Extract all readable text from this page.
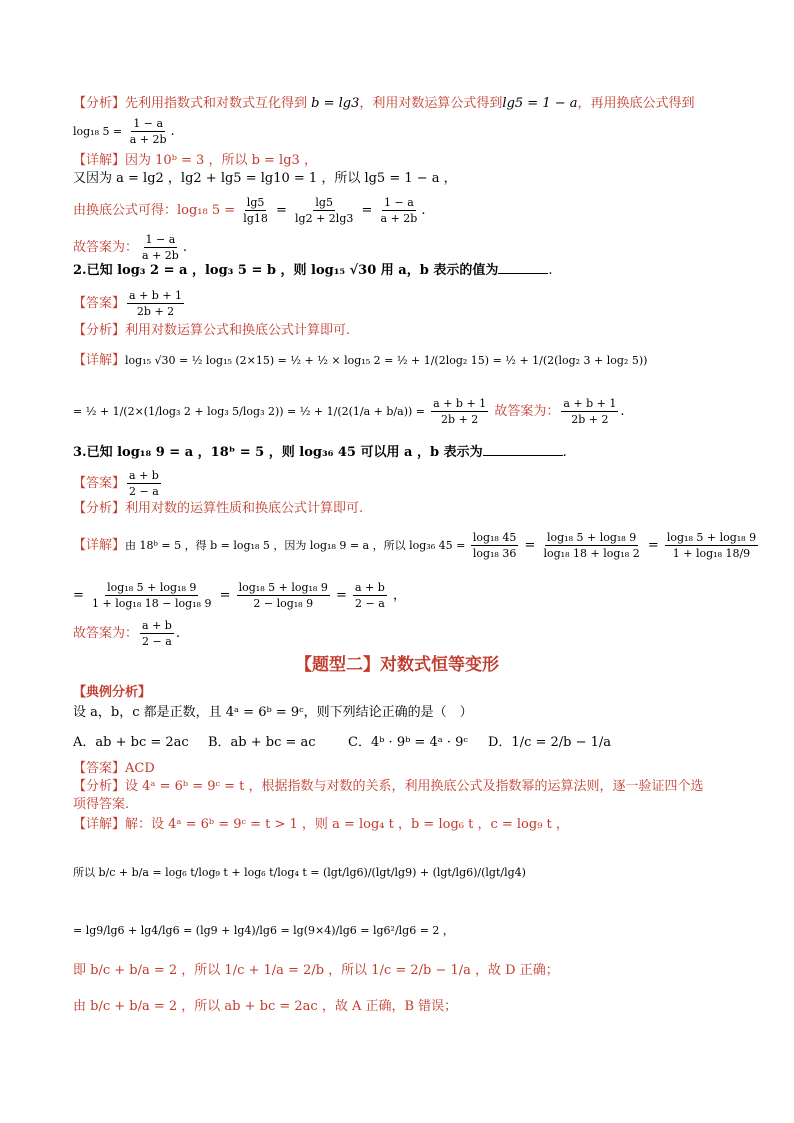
【分析】先利用指数式和对数式互化得到 b = lg3，利用对数运算公式得到lg5 = 1 − a，再用换底公式得到
log₁₈ $5 = \frac{1 - a}{a + 2b}$ .
【详解】因为 10ᵇ = 3 ，所以 b = lg3 ，
又因为 a = lg2 ，lg2 + lg5 = lg10 = 1 ，所以 lg5 = 1 − a ，
由换底公式可得：log₁₈ $5 = \frac{\lg 5}{\lg 18} = \frac{\lg 5}{\lg 2 + 2\lg 3} = \frac{1 - a}{a + 2b}$ .
故答案为： $\frac{1 - a}{a + 2b}$ .
2.已知 log₃ 2 = a ，log₃ 5 = b ，则 log₁₅ √30 用 a，b 表示的值为	.
【答案】 $\frac{a + b + 1}{2b + 2}$
【分析】利用对数运算公式和换底公式计算即可.
【详解】log₁₅ √30 = ½ log₁₅ (2×15) = ½ + ½ × log₁₅ 2 = ½ + 1/(2log₂ 15) = ½ + 1/(2(log₂ 3 + log₂ 5))
= ½ + 1/(2×(1/log₃ 2 + log₃ 5/log₃ 2)) = ½ + $1/(2(1/a + b/a)) = \frac{a + b + 1}{2b + 2}$ 故答案为： $\frac{a + b + 1}{2b + 2}$ .
3.已知 log₁₈ 9 = a ，18ᵇ = 5 ，则 log₃₆ 45 可以用 a ，b 表示为	.
【答案】 $\frac{a + b}{2 - a}$
【分析】利用对数的运算性质和换底公式计算即可.
【详解】由 18ᵇ = 5 ，得 b = log₁₈ 5 ，因为 log₁₈ 9 = a ，所以 log₃₆ $45 = \frac{\text{log₁₈ 45}}{\text{log₁₈ 36}} = \frac{\text{log₁₈ 5 + log₁₈ 9}}{\text{log₁₈ 18 + log₁₈ 2}} = \frac{\text{log₁₈ 5 + log₁₈ 9}}{\text{1 + log₁₈ 18/9}}$
= $\frac{\text{log₁₈ 5 + log₁₈ 9}}{\text{1 + log₁₈ 18 − log₁₈ 9}} = \frac{\text{log₁₈ 5 + log₁₈ 9}}{\text{2 − log₁₈ 9}} = \frac{a + b}{2 - a}$ ，
故答案为： $\frac{a + b}{2 - a}$ .
【题型二】对数式恒等变形
【典例分析】
设 a，b，c 都是正数，且 4ᵃ = 6ᵇ = 9ᶜ，则下列结论正确的是（　）
A．ab + bc = 2ac B．ab + bc = ac C．4ᵇ · 9ᵇ = 4ᵃ · 9ᶜ D．1/c = 2/b − 1/a
【答案】ACD
【分析】设 4ᵃ = 6ᵇ = 9ᶜ = t ，根据指数与对数的关系，利用换底公式及指数幂的运算法则，逐一验证四个选
项得答案.
【详解】解：设 4ᵃ = 6ᵇ = 9ᶜ = t > 1 ，则 a = log₄ t ，b = log₆ t ，c = log₉ t ，
所以 b/c + b/a = log₆ t/log₉ t + log₆ t/log₄ t = (lgt/lg6)/(lgt/lg9) + (lgt/lg6)/(lgt/lg4)
= lg9/lg6 + lg4/lg6 = (lg9 + lg4)/lg6 = lg(9×4)/lg6 = lg6²/lg6 = 2 ，
即 b/c + b/a = 2 ，所以 1/c + 1/a = 2/b ，所以 1/c = 2/b − 1/a ，故 D 正确；
由 b/c + b/a = 2 ，所以 ab + bc = 2ac ，故 A 正确，B 错误；
